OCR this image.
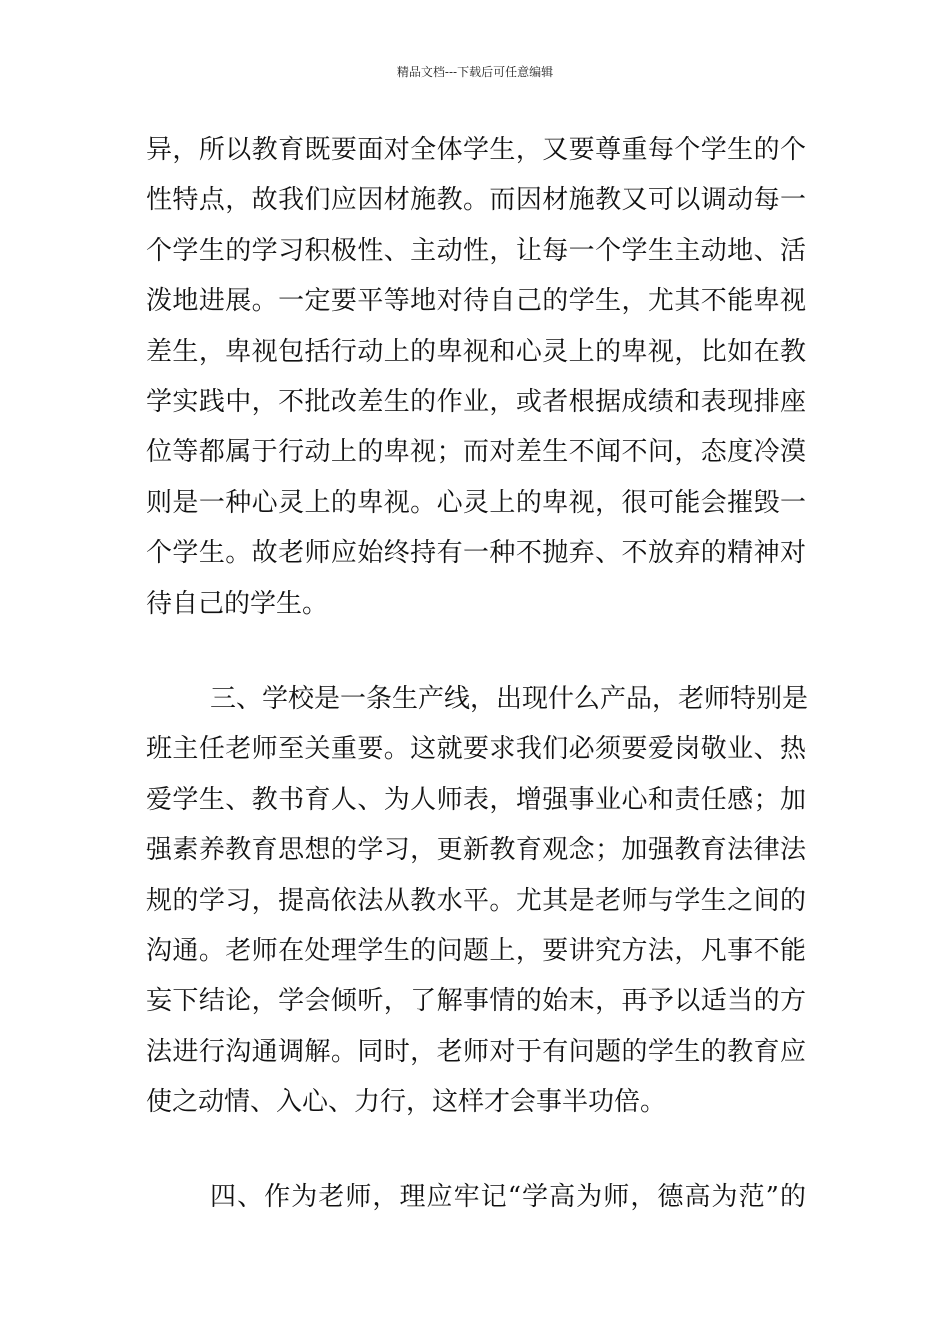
精品文档---下载后可任意编辑
异，所以教育既要面对全体学生，又要尊重每个学生的个
性特点，故我们应因材施教。而因材施教又可以调动每一
个学生的学习积极性、主动性，让每一个学生主动地、活
泼地进展。一定要平等地对待自己的学生，尤其不能卑视
差生，卑视包括行动上的卑视和心灵上的卑视，比如在教
学实践中，不批改差生的作业，或者根据成绩和表现排座
位等都属于行动上的卑视；而对差生不闻不问，态度冷漠
则是一种心灵上的卑视。心灵上的卑视，很可能会摧毁一
个学生。故老师应始终持有一种不抛弃、不放弃的精神对
待自己的学生。
三、学校是一条生产线，出现什么产品，老师特别是
班主任老师至关重要。这就要求我们必须要爱岗敬业、热
爱学生、教书育人、为人师表，增强事业心和责任感；加
强素养教育思想的学习，更新教育观念；加强教育法律法
规的学习，提高依法从教水平。尤其是老师与学生之间的
沟通。老师在处理学生的问题上，要讲究方法，凡事不能
妄下结论，学会倾听，了解事情的始末，再予以适当的方
法进行沟通调解。同时，老师对于有问题的学生的教育应
使之动情、入心、力行，这样才会事半功倍。
四、作为老师，理应牢记“学高为师，德高为范”的
